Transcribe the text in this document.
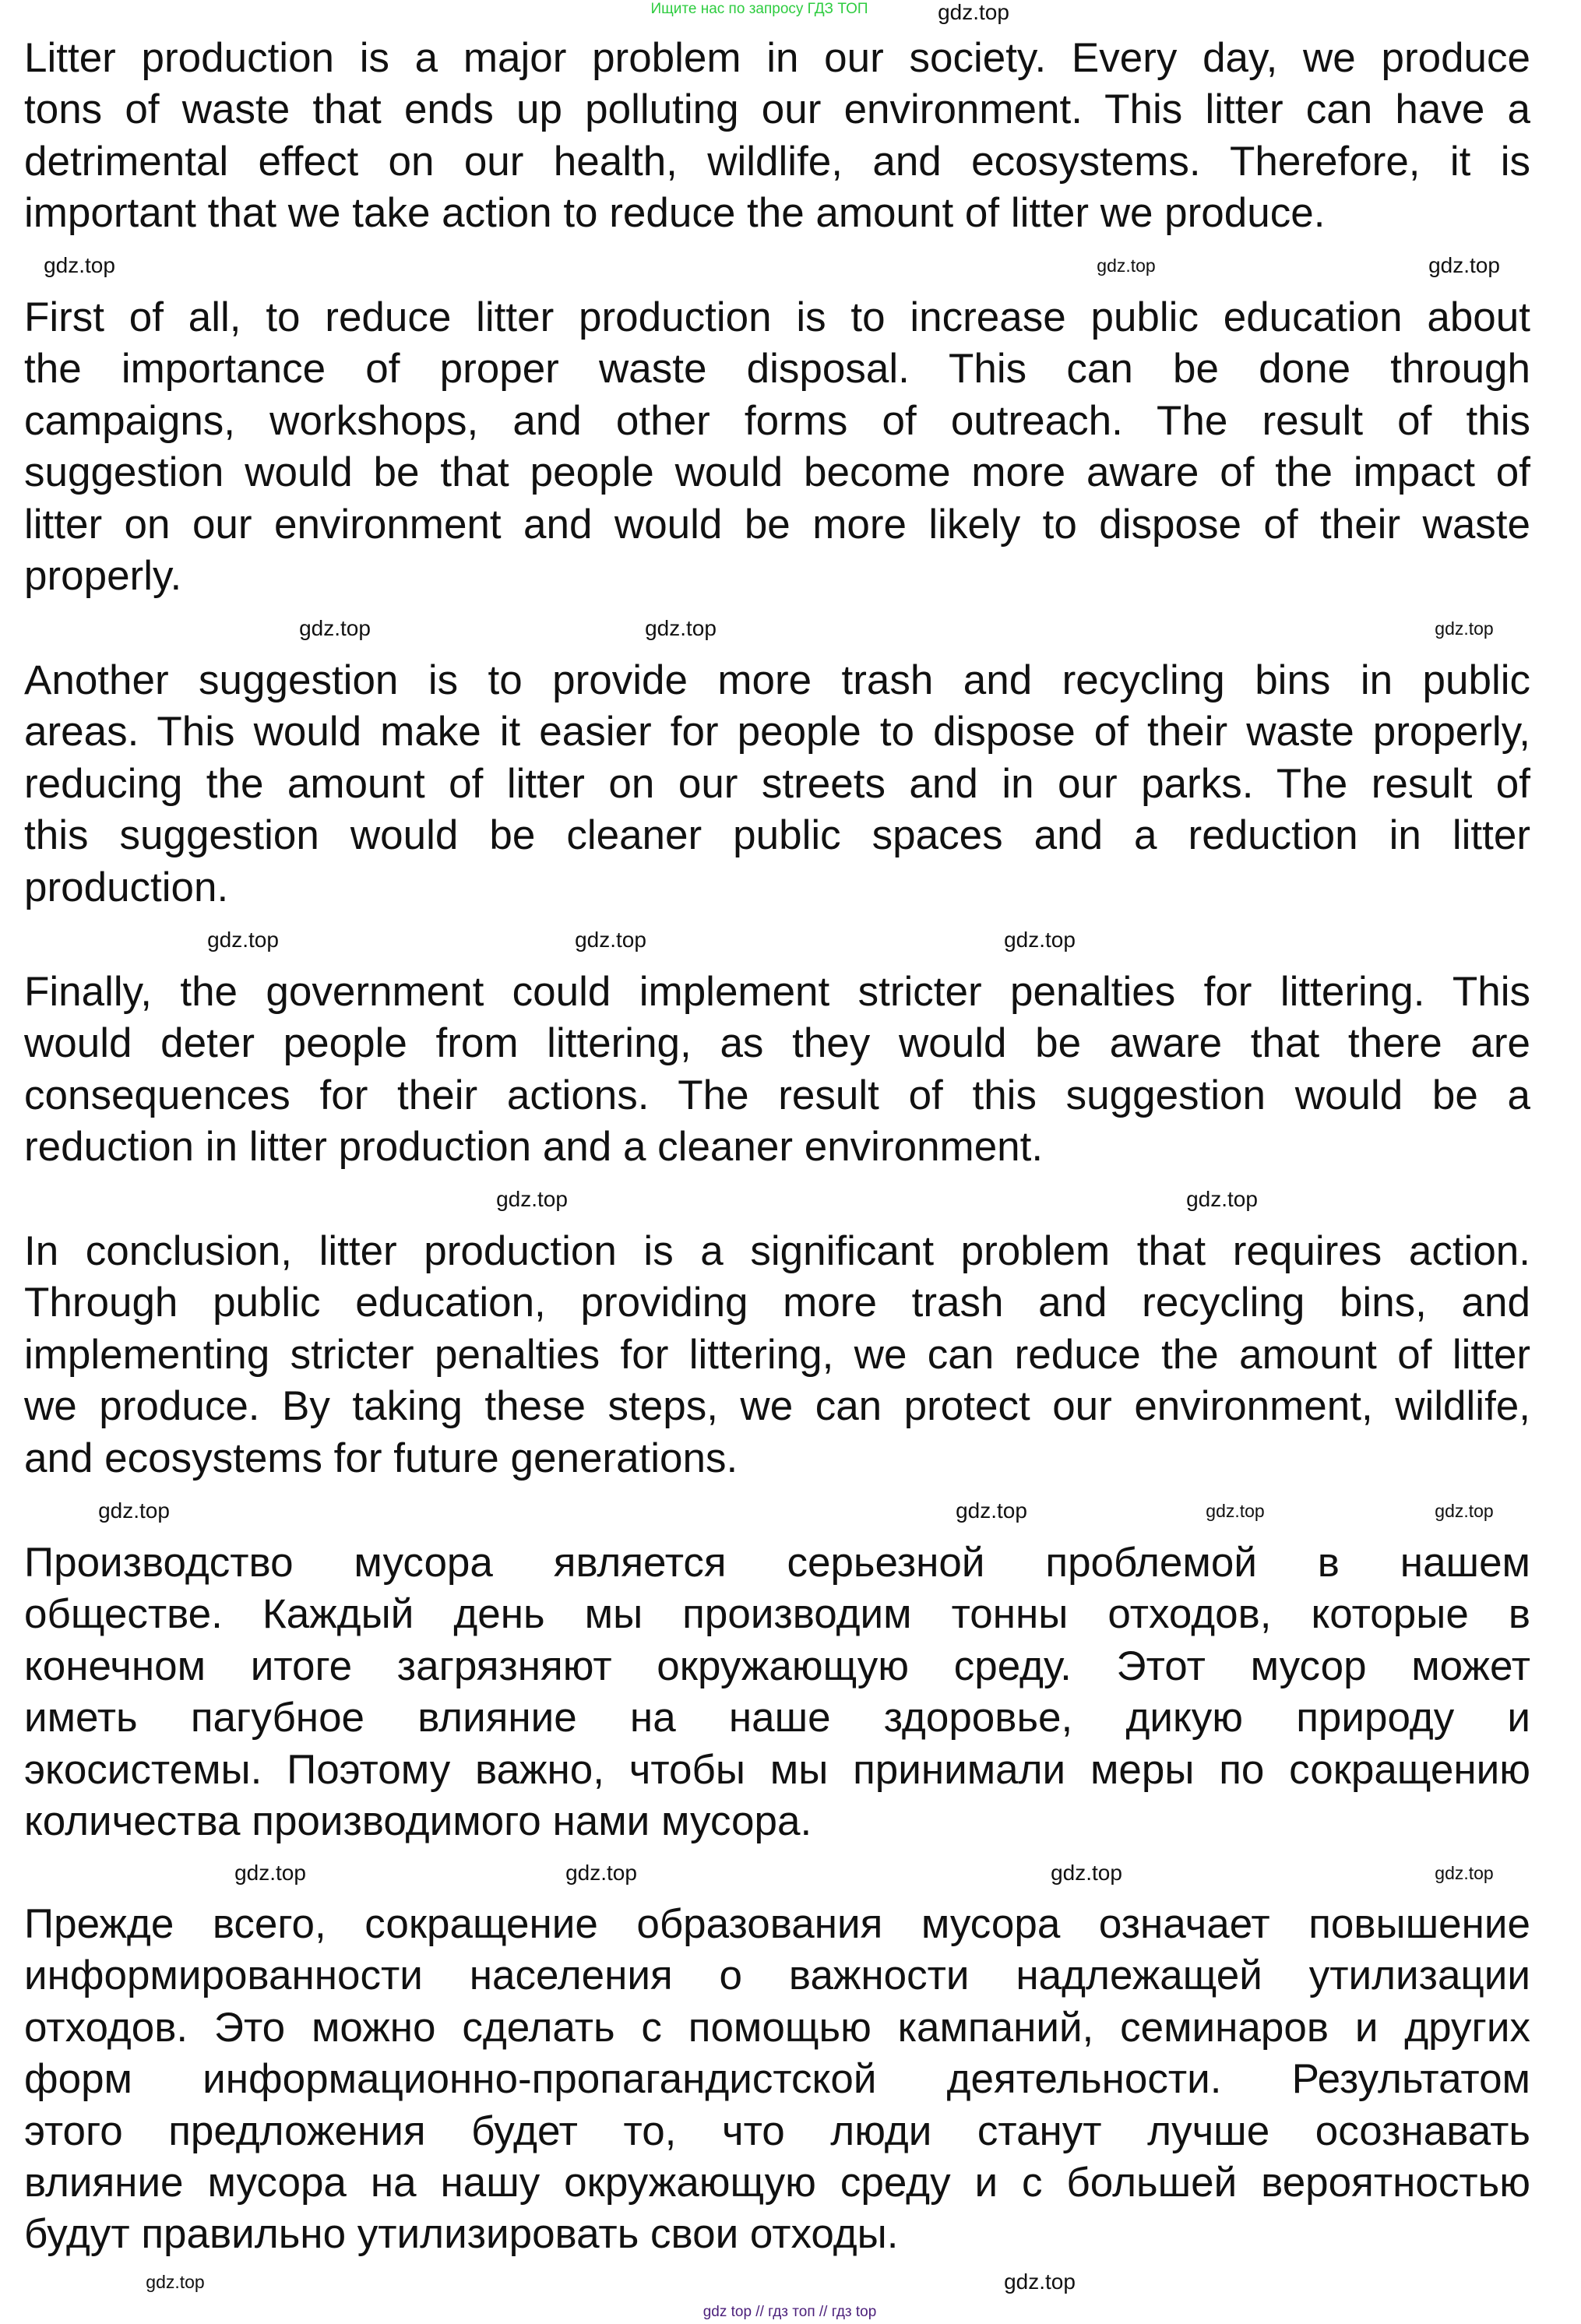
Ищите нас по запросу ГДЗ ТОП
Litter production is a major problem in our society. Every day, we produce
tons of waste that ends up polluting our environment. This litter can have a
detrimental effect on our health, wildlife, and ecosystems. Therefore, it is
important that we take action to reduce the amount of litter we produce.
First of all, to reduce litter production is to increase public education about
the importance of proper waste disposal. This can be done through
campaigns, workshops, and other forms of outreach. The result of this
suggestion would be that people would become more aware of the impact of
litter on our environment and would be more likely to dispose of their waste
properly.
Another suggestion is to provide more trash and recycling bins in public
areas. This would make it easier for people to dispose of their waste properly,
reducing the amount of litter on our streets and in our parks. The result of
this suggestion would be cleaner public spaces and a reduction in litter
production.
Finally, the government could implement stricter penalties for littering. This
would deter people from littering, as they would be aware that there are
consequences for their actions. The result of this suggestion would be a
reduction in litter production and a cleaner environment.
In conclusion, litter production is a significant problem that requires action.
Through public education, providing more trash and recycling bins, and
implementing stricter penalties for littering, we can reduce the amount of litter
we produce. By taking these steps, we can protect our environment, wildlife,
and ecosystems for future generations.
Производство мусора является серьезной проблемой в нашем
обществе. Каждый день мы производим тонны отходов, которые в
конечном итоге загрязняют окружающую среду. Этот мусор может
иметь пагубное влияние на наше здоровье, дикую природу и
экосистемы. Поэтому важно, чтобы мы принимали меры по сокращению
количества производимого нами мусора.
Прежде всего, сокращение образования мусора означает повышение
информированности населения о важности надлежащей утилизации
отходов. Это можно сделать с помощью кампаний, семинаров и других
форм информационно-пропагандистской деятельности. Результатом
этого предложения будет то, что люди станут лучше осознавать
влияние мусора на нашу окружающую среду и с большей вероятностью
будут правильно утилизировать свои отходы.
gdz.top
gdz.top
gdz.top	gdz.top
gdz.top	gdz.top	gdz.top
gdz.top
gdz.top	gdz.top
gdz.top
gdz.top
gdz.top	gdz.top
gdz.top	gdz.top
gdz.top
gdz.top
gdz.top	gdz.top
gdz.top	gdz.top
gdz top // гдз топ // гдз top
